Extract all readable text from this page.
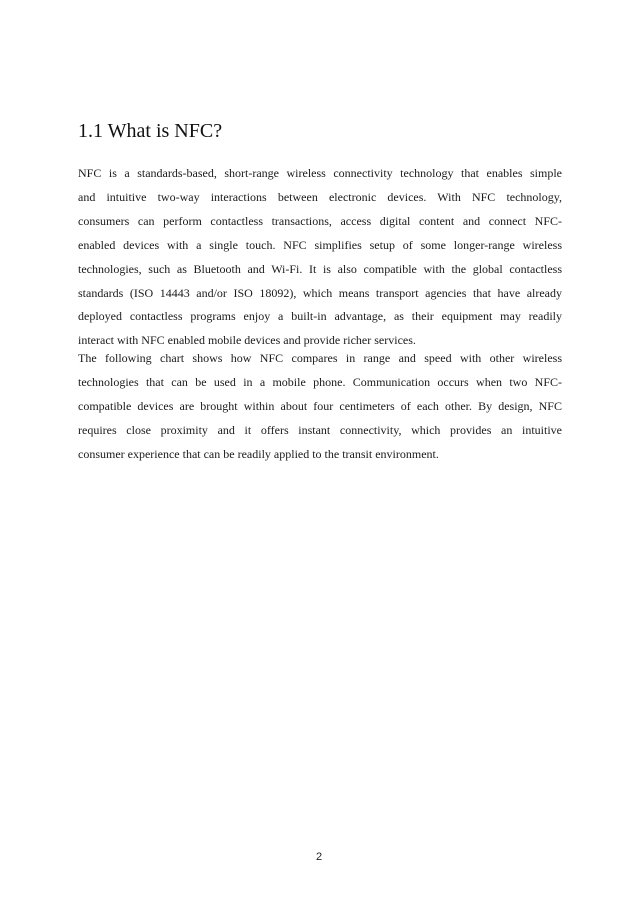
1.1 What is NFC?
NFC is a standards-based, short-range wireless connectivity technology that enables simple
and intuitive two-way interactions between electronic devices. With NFC technology,
consumers can perform contactless transactions, access digital content and connect NFC-
enabled devices with a single touch. NFC simplifies setup of some longer-range wireless
technologies, such as Bluetooth and Wi-Fi. It is also compatible with the global contactless
standards (ISO 14443 and/or ISO 18092), which means transport agencies that have already
deployed contactless programs enjoy a built-in advantage, as their equipment may readily
interact with NFC enabled mobile devices and provide richer services.
The following chart shows how NFC compares in range and speed with other wireless
technologies that can be used in a mobile phone. Communication occurs when two NFC-
compatible devices are brought within about four centimeters of each other. By design, NFC
requires close proximity and it offers instant connectivity, which provides an intuitive
consumer experience that can be readily applied to the transit environment.
2
